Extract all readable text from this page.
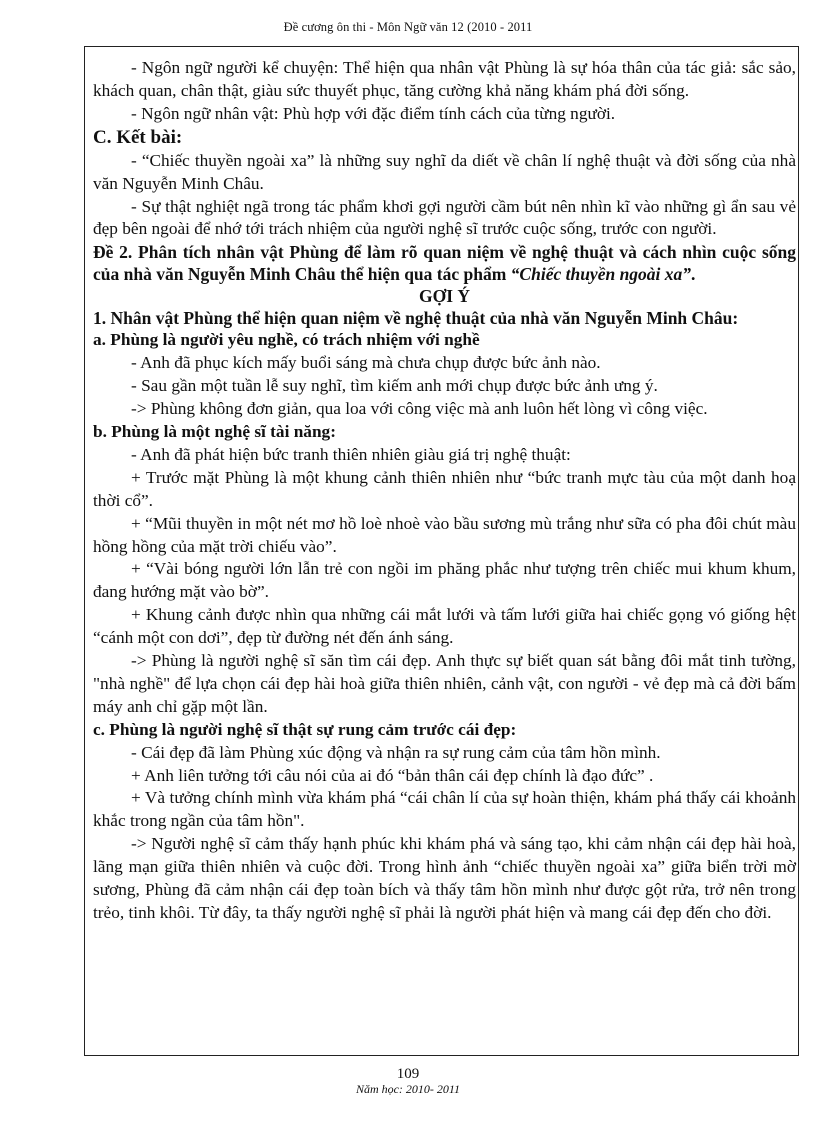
Đề cương ôn thi - Môn Ngữ văn 12 (2010 - 2011

- Ngôn ngữ người kể chuyện: Thể hiện qua nhân vật Phùng là sự hóa thân của tác giả: sắc sảo, khách quan, chân thật, giàu sức thuyết phục, tăng cường khả năng khám phá đời sống.

- Ngôn ngữ nhân vật: Phù hợp với đặc điểm tính cách của từng người.

C. Kết bài:

- “Chiếc thuyền ngoài xa” là những suy nghĩ da diết về chân lí nghệ thuật và đời sống của nhà văn Nguyễn Minh Châu.

- Sự thật nghiệt ngã trong tác phẩm khơi gợi người cầm bút nên nhìn kĩ vào những gì ẩn sau vẻ đẹp bên ngoài để nhớ tới trách nhiệm của người nghệ sĩ trước cuộc sống, trước con người.

Đề 2. Phân tích nhân vật Phùng để làm rõ quan niệm về nghệ thuật và cách nhìn cuộc sống của nhà văn Nguyễn Minh Châu thể hiện qua tác phẩm “Chiếc thuyền ngoài xa”.

GỢI Ý

1. Nhân vật Phùng thể hiện quan niệm về nghệ thuật của nhà văn Nguyễn Minh Châu:

a. Phùng là người yêu nghề, có trách nhiệm với nghề

- Anh đã phục kích mấy buổi sáng mà chưa chụp được bức ảnh nào.

- Sau gần một tuần lễ suy nghĩ, tìm kiếm anh mới chụp được bức ảnh ưng ý.

-> Phùng không đơn giản, qua loa với công việc mà anh luôn hết lòng vì công việc.

b. Phùng là một nghệ sĩ tài năng:

- Anh đã phát hiện bức tranh thiên nhiên giàu giá trị nghệ thuật:

+ Trước mặt Phùng là một khung cảnh thiên nhiên như “bức tranh mực tàu của một danh hoạ thời cổ”.

+ “Mũi thuyền in một nét mơ hồ loè nhoè vào bầu sương mù trắng như sữa có pha đôi chút màu hồng hồng của mặt trời chiếu vào”.

+ “Vài bóng người lớn lẫn trẻ con ngồi im phăng phắc như tượng trên chiếc mui khum khum, đang hướng mặt vào bờ”.

+ Khung cảnh được nhìn qua những cái mắt lưới và tấm lưới giữa hai chiếc gọng vó giống hệt “cánh một con dơi”, đẹp từ đường nét đến ánh sáng.

-> Phùng là người nghệ sĩ săn tìm cái đẹp. Anh thực sự biết quan sát bằng đôi mắt tinh tường, "nhà nghề" để lựa chọn cái đẹp hài hoà giữa thiên nhiên, cảnh vật, con người - vẻ đẹp mà cả đời bấm máy anh chỉ gặp một lần.

c. Phùng là người nghệ sĩ thật sự rung cảm trước cái đẹp:

- Cái đẹp đã làm Phùng xúc động và nhận ra sự rung cảm của tâm hồn mình.

+ Anh liên tưởng tới câu nói của ai đó “bản thân cái đẹp chính là đạo đức” .

+ Và tưởng chính mình vừa khám phá “cái chân lí của sự hoàn thiện, khám phá thấy cái khoảnh khắc trong ngần của tâm hồn".

-> Người nghệ sĩ cảm thấy hạnh phúc khi khám phá và sáng tạo, khi cảm nhận cái đẹp hài hoà, lãng mạn giữa thiên nhiên và cuộc đời. Trong hình ảnh “chiếc thuyền ngoài xa” giữa biển trời mờ sương, Phùng đã cảm nhận cái đẹp toàn bích và thấy tâm hồn mình như được gột rửa, trở nên trong trẻo, tinh khôi. Từ đây, ta thấy người nghệ sĩ phải là người phát hiện và mang cái đẹp đến cho đời.

109
Năm học: 2010- 2011
